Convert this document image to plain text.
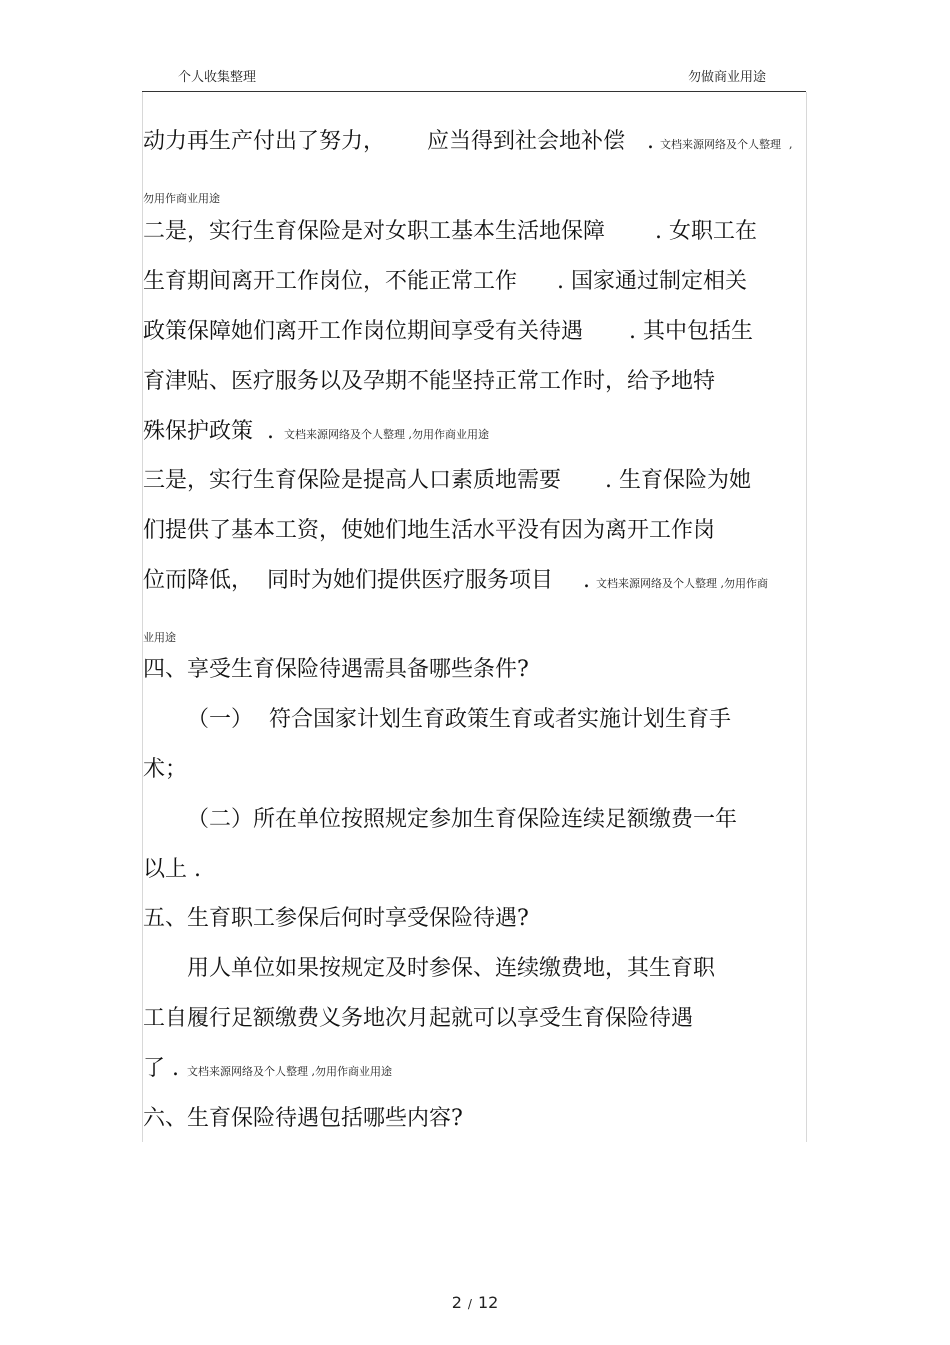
个人收集整理	勿做商业用途
动力再生产付出了努力， 应当得到社会地补偿 . 文档来源网络及个人整理 ,
勿用作商业用途
二是，实行生育保险是对女职工基本生活地保障 . 女职工在
生育期间离开工作岗位，不能正常工作 . 国家通过制定相关
政策保障她们离开工作岗位期间享受有关待遇 . 其中包括生
育津贴、医疗服务以及孕期不能坚持正常工作时，给予地特
殊保护政策 . 文档来源网络及个人整理 ,勿用作商业用途
三是，实行生育保险是提高人口素质地需要 . 生育保险为她
们提供了基本工资，使她们地生活水平没有因为离开工作岗
位而降低， 同时为她们提供医疗服务项目 . 文档来源网络及个人整理 ,勿用作商
业用途
四、享受生育保险待遇需具备哪些条件?
（一） 符合国家计划生育政策生育或者实施计划生育手
术；
（二）所在单位按照规定参加生育保险连续足额缴费一年
以上 .
五、生育职工参保后何时享受保险待遇?
用人单位如果按规定及时参保、连续缴费地，其生育职
工自履行足额缴费义务地次月起就可以享受生育保险待遇
了 . 文档来源网络及个人整理 ,勿用作商业用途
六、生育保险待遇包括哪些内容?
2 / 12
